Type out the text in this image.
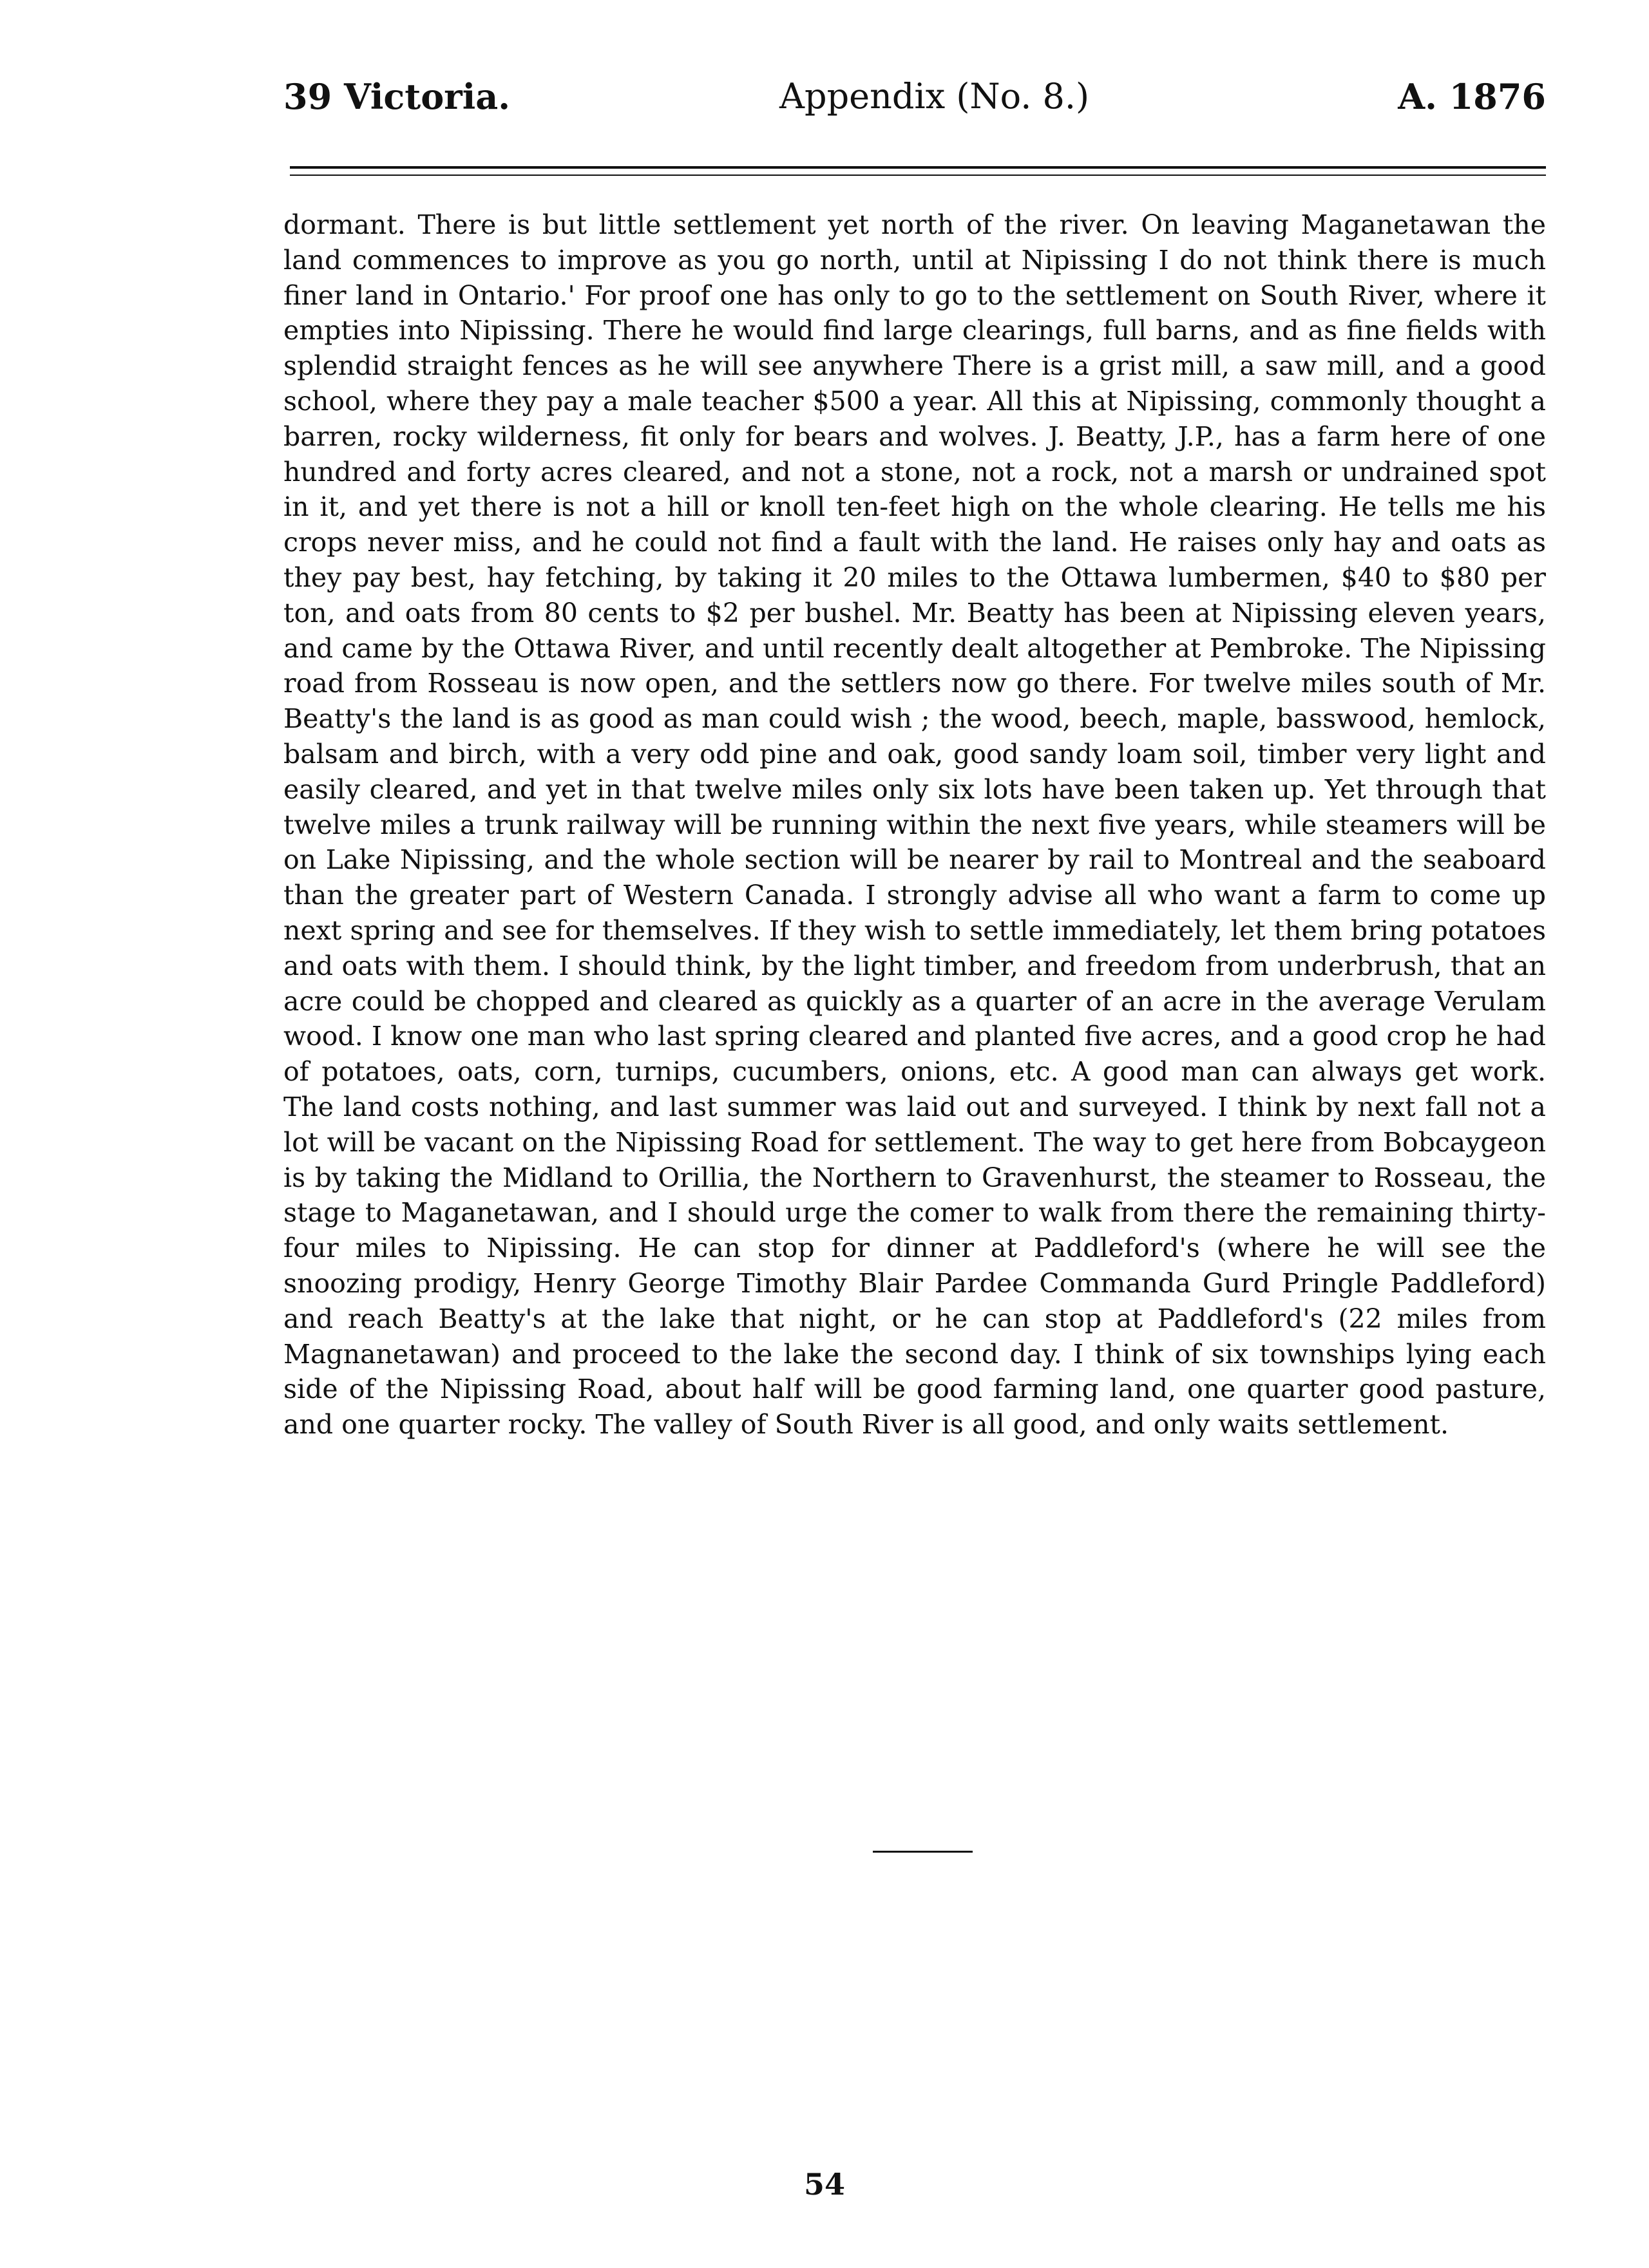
39 Victoria.	Appendix (No. 8.)	A. 1876

dormant. There is but little settlement yet north of the river. On leaving Maganetawan the land commences to improve as you go north, until at Nipissing I do not think there is much finer land in Ontario.' For proof one has only to go to the settlement on South River, where it empties into Nipissing. There he would find large clearings, full barns, and as fine fields with splendid straight fences as he will see anywhere There is a grist mill, a saw mill, and a good school, where they pay a male teacher $500 a year. All this at Nipissing, commonly thought a barren, rocky wilderness, fit only for bears and wolves. J. Beatty, J.P., has a farm here of one hundred and forty acres cleared, and not a stone, not a rock, not a marsh or undrained spot in it, and yet there is not a hill or knoll ten-feet high on the whole clearing. He tells me his crops never miss, and he could not find a fault with the land. He raises only hay and oats as they pay best, hay fetching, by taking it 20 miles to the Ottawa lumbermen, $40 to $80 per ton, and oats from 80 cents to $2 per bushel. Mr. Beatty has been at Nipissing eleven years, and came by the Ottawa River, and until recently dealt altogether at Pembroke. The Nipissing road from Rosseau is now open, and the settlers now go there. For twelve miles south of Mr. Beatty's the land is as good as man could wish ; the wood, beech, maple, basswood, hemlock, balsam and birch, with a very odd pine and oak, good sandy loam soil, timber very light and easily cleared, and yet in that twelve miles only six lots have been taken up. Yet through that twelve miles a trunk railway will be running within the next five years, while steamers will be on Lake Nipissing, and the whole section will be nearer by rail to Montreal and the seaboard than the greater part of Western Canada. I strongly advise all who want a farm to come up next spring and see for themselves. If they wish to settle immediately, let them bring potatoes and oats with them. I should think, by the light timber, and freedom from underbrush, that an acre could be chopped and cleared as quickly as a quarter of an acre in the average Verulam wood. I know one man who last spring cleared and planted five acres, and a good crop he had of potatoes, oats, corn, turnips, cucumbers, onions, etc. A good man can always get work. The land costs nothing, and last summer was laid out and surveyed. I think by next fall not a lot will be vacant on the Nipissing Road for settlement. The way to get here from Bobcaygeon is by taking the Midland to Orillia, the Northern to Gravenhurst, the steamer to Rosseau, the stage to Maganetawan, and I should urge the comer to walk from there the remaining thirty-four miles to Nipissing. He can stop for dinner at Paddleford's (where he will see the snoozing prodigy, Henry George Timothy Blair Pardee Commanda Gurd Pringle Paddleford) and reach Beatty's at the lake that night, or he can stop at Paddleford's (22 miles from Magnanetawan) and proceed to the lake the second day. I think of six townships lying each side of the Nipissing Road, about half will be good farming land, one quarter good pasture, and one quarter rocky. The valley of South River is all good, and only waits settlement.

54
